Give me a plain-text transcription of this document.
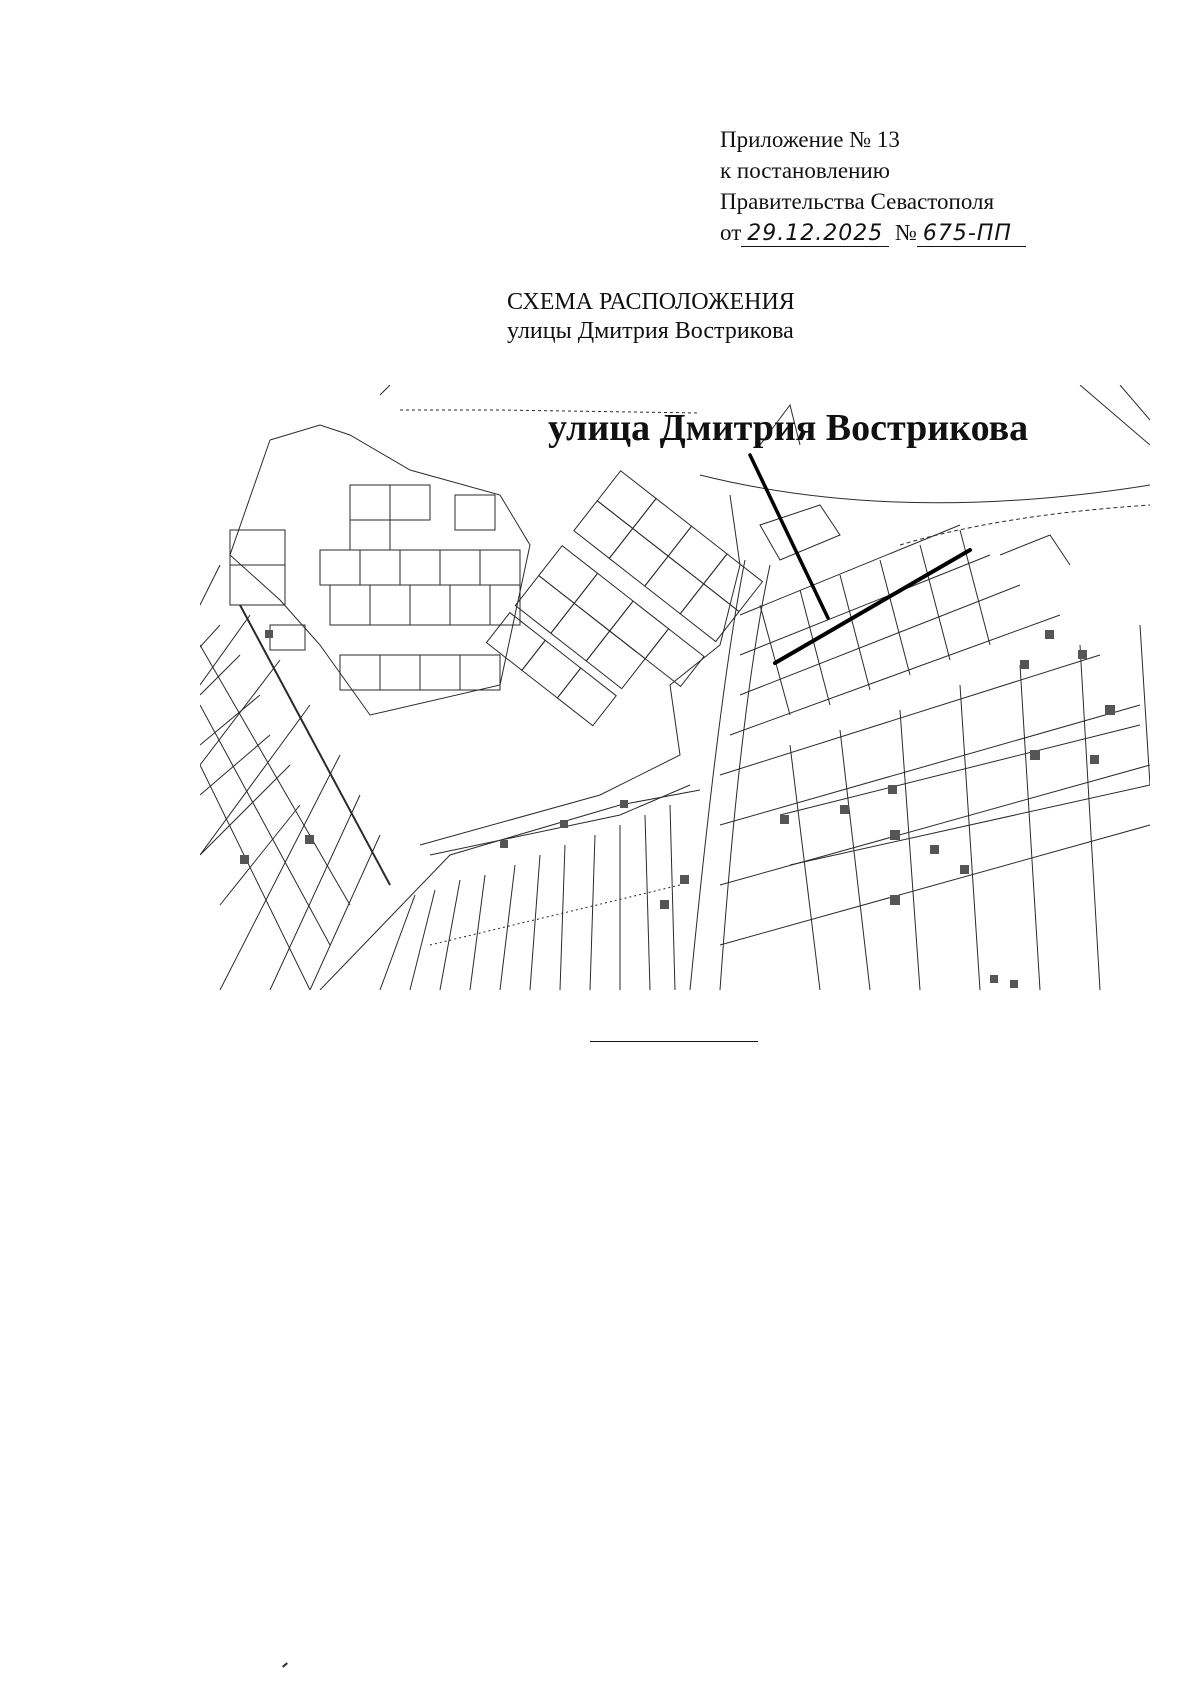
Приложение № 13
к постановлению
Правительства Севастополя
от 29.12.2025 № 675-ПП
СХЕМА РАСПОЛОЖЕНИЯ
улицы Дмитрия Вострикова
улица Дмитрия Вострикова
